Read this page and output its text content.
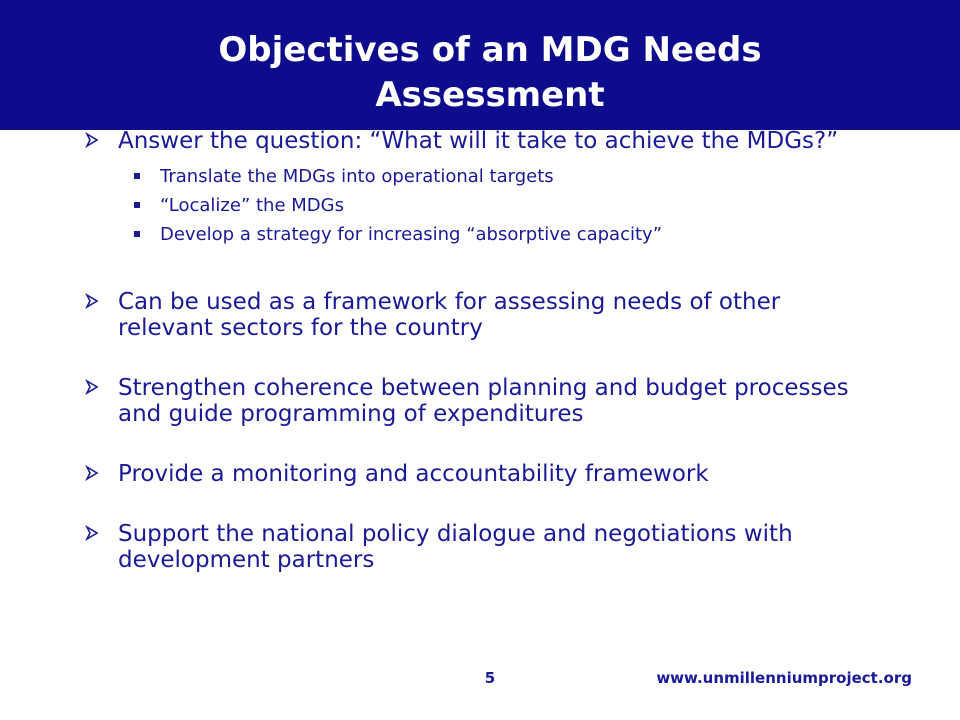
Objectives of an MDG Needs
Assessment
Answer the question: “What will it take to achieve the MDGs?”
Translate the MDGs into operational targets
“Localize” the MDGs
Develop a strategy for increasing “absorptive capacity”
Can be used as a framework for assessing needs of other relevant sectors for the country
Strengthen coherence between planning and budget processes and guide programming of expenditures
Provide a monitoring and accountability framework
Support the national policy dialogue and negotiations with development partners
5	www.unmillenniumproject.org
